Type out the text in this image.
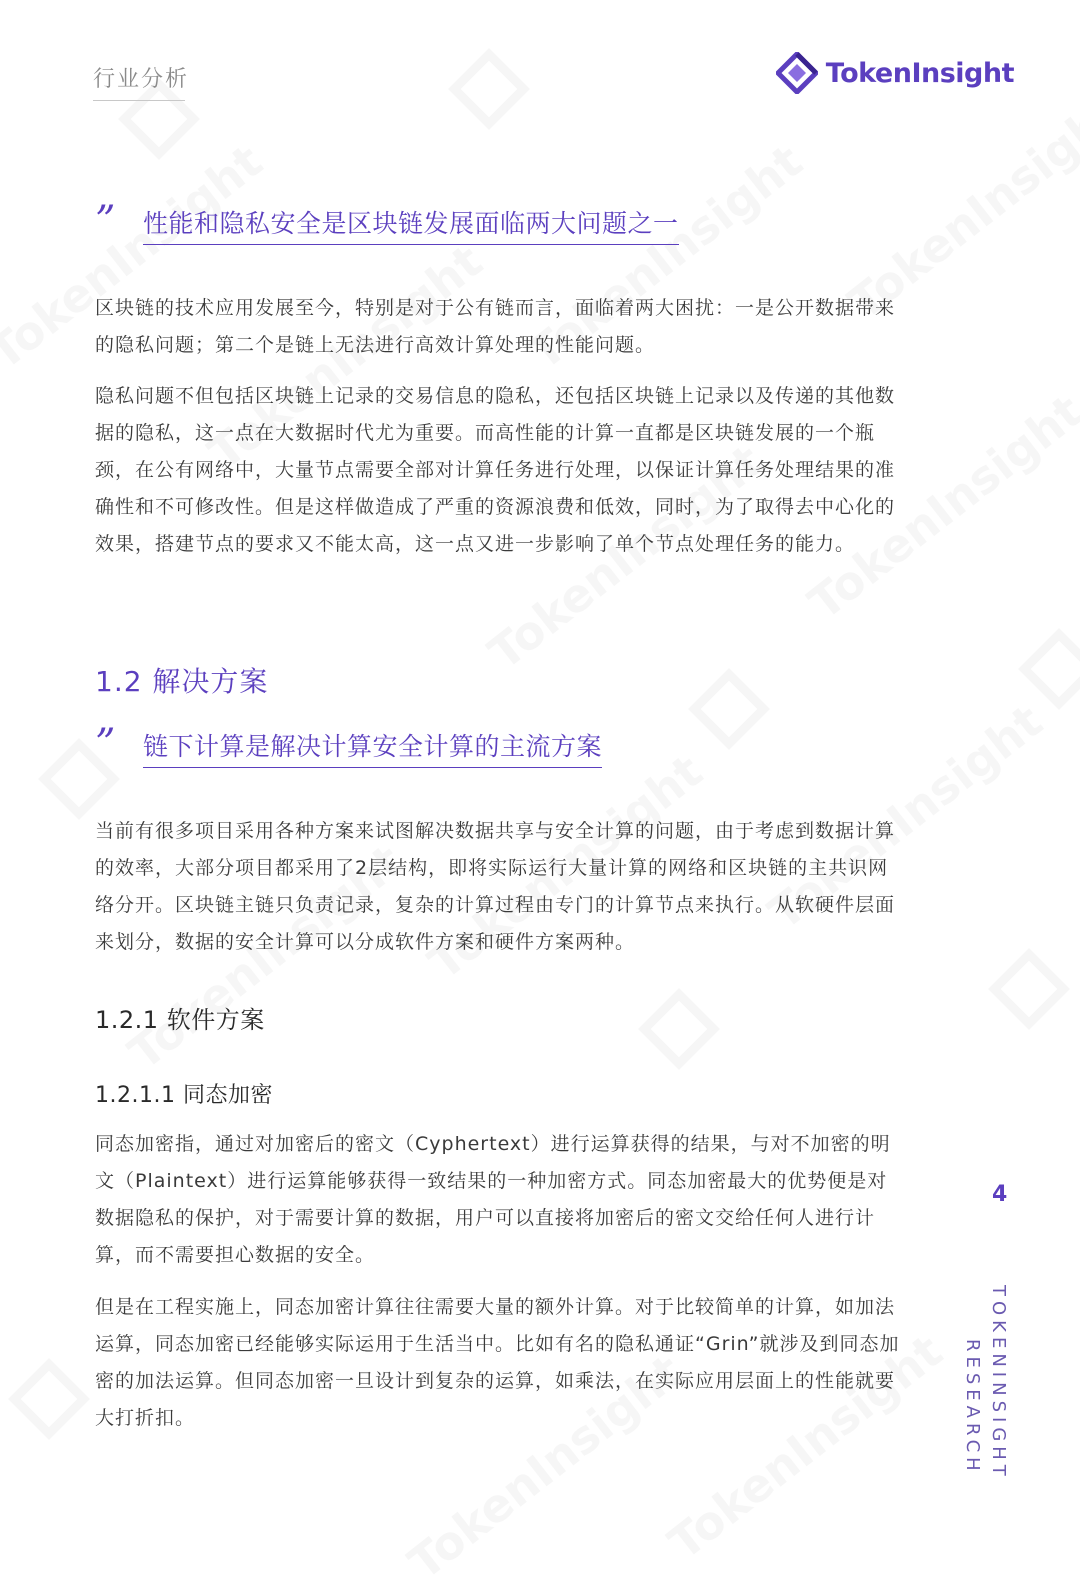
行业分析	TokenInsight
”	性能和隐私安全是区块链发展面临两大问题之一

区块链的技术应用发展至今，特别是对于公有链而言，面临着两大困扰：一是公开数据带来的隐私问题；第二个是链上无法进行高效计算处理的性能问题。

隐私问题不但包括区块链上记录的交易信息的隐私，还包括区块链上记录以及传递的其他数据的隐私，这一点在大数据时代尤为重要。而高性能的计算一直都是区块链发展的一个瓶颈，在公有网络中，大量节点需要全部对计算任务进行处理，以保证计算任务处理结果的准确性和不可修改性。但是这样做造成了严重的资源浪费和低效，同时，为了取得去中心化的效果，搭建节点的要求又不能太高，这一点又进一步影响了单个节点处理任务的能力。

1.2 解决方案
”	链下计算是解决计算安全计算的主流方案

当前有很多项目采用各种方案来试图解决数据共享与安全计算的问题，由于考虑到数据计算的效率，大部分项目都采用了2层结构，即将实际运行大量计算的网络和区块链的主共识网络分开。区块链主链只负责记录，复杂的计算过程由专门的计算节点来执行。从软硬件层面来划分，数据的安全计算可以分成软件方案和硬件方案两种。

1.2.1 软件方案
1.2.1.1 同态加密

同态加密指，通过对加密后的密文（Cyphertext）进行运算获得的结果，与对不加密的明文（Plaintext）进行运算能够获得一致结果的一种加密方式。同态加密最大的优势便是对数据隐私的保护，对于需要计算的数据，用户可以直接将加密后的密文交给任何人进行计算，而不需要担心数据的安全。

但是在工程实施上，同态加密计算往往需要大量的额外计算。对于比较简单的计算，如加法运算，同态加密已经能够实际运用于生活当中。比如有名的隐私通证“Grin”就涉及到同态加密的加法运算。但同态加密一旦设计到复杂的运算，如乘法，在实际应用层面上的性能就要大打折扣。

4
TOKENINSIGHT
RESEARCH
